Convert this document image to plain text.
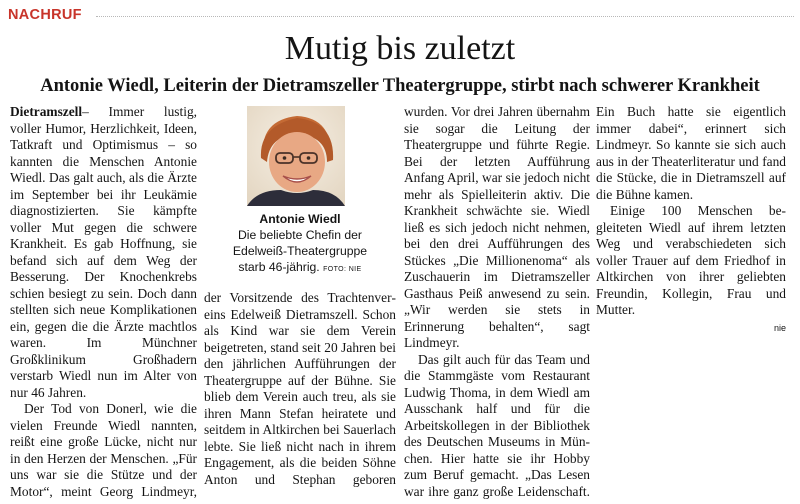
NACHRUF
Mutig bis zuletzt
Antonie Wiedl, Leiterin der Dietramszeller Theatergruppe, stirbt nach schwerer Krankheit
Antonie Wiedl
Die beliebte Chefin der
Edelweiß-Theatergruppe
starb 46-jährig. FOTO: NIE

Dietramszell– Immer lustig, voller Humor, Herzlichkeit, Ideen, Tatkraft und Optimismus – so kannten die Menschen Antonie Wiedl. Das galt auch, als die Ärzte im September bei ihr Leukämie diagnostizierten. Sie kämpfte voller Mut gegen die schwere Krankheit. Es gab Hoffnung, sie befand sich auf dem Weg der Besserung. Der Knochenkrebs schien besiegt zu sein. Doch dann stellten sich neue Komplikationen ein, gegen die die Ärzte machtlos waren. Im Münchner Großklinikum Großhadern verstarb Wiedl nun im Alter von nur 46 Jahren.

Der Tod von Donerl, wie die vielen Freunde Wiedl nannten, reißt eine große Lücke, nicht nur in den Herzen der Menschen. „Für uns war sie die Stütze und der Motor“, meint Georg Lindmeyr,

der Vorsitzende des Trachtenvereins Edelweiß Dietramszell. Schon als Kind war sie dem Verein beigetreten, stand seit 20 Jahren bei den jährlichen Aufführungen der Theatergruppe auf der Bühne. Sie blieb dem Verein auch treu, als sie ihren Mann Stefan heiratete und seitdem in Altkirchen bei Sauerlach lebte. Sie ließ nicht nach in ihrem Engagement, als die beiden Söhne Anton und Stephan geboren

wurden. Vor drei Jahren übernahm sie sogar die Leitung der Theatergruppe und führte Regie. Bei der letzten Aufführung Anfang April, war sie jedoch nicht mehr als Spielleiterin aktiv. Die Krankheit schwächte sie. Wiedl ließ es sich jedoch nicht nehmen, bei den drei Aufführungen des Stückes „Die Millionenoma“ als Zuschauerin im Dietramszeller Gasthaus Peiß anwesend zu sein. „Wir werden sie stets in Erinnerung behalten“, sagt Lindmeyr.

Das gilt auch für das Team und die Stammgäste vom Restaurant Ludwig Thoma, in dem Wiedl am Ausschank half und für die Arbeitskollegen in der Bibliothek des Deutschen Museums in München. Hier hatte sie ihr Hobby zum Beruf gemacht. „Das Lesen war ihre ganz große Leidenschaft.

Ein Buch hatte sie eigentlich immer dabei“, erinnert sich Lindmeyr. So kannte sie sich auch aus in der Theaterliteratur und fand die Stücke, die in Dietramszell auf die Bühne kamen.

Einige 100 Menschen begleiteten Wiedl auf ihrem letzten Weg und verabschiedeten sich voller Trauer auf dem Friedhof in Altkirchen von ihrer geliebten Freundin, Kollegin, Frau und Mutter.

nie
